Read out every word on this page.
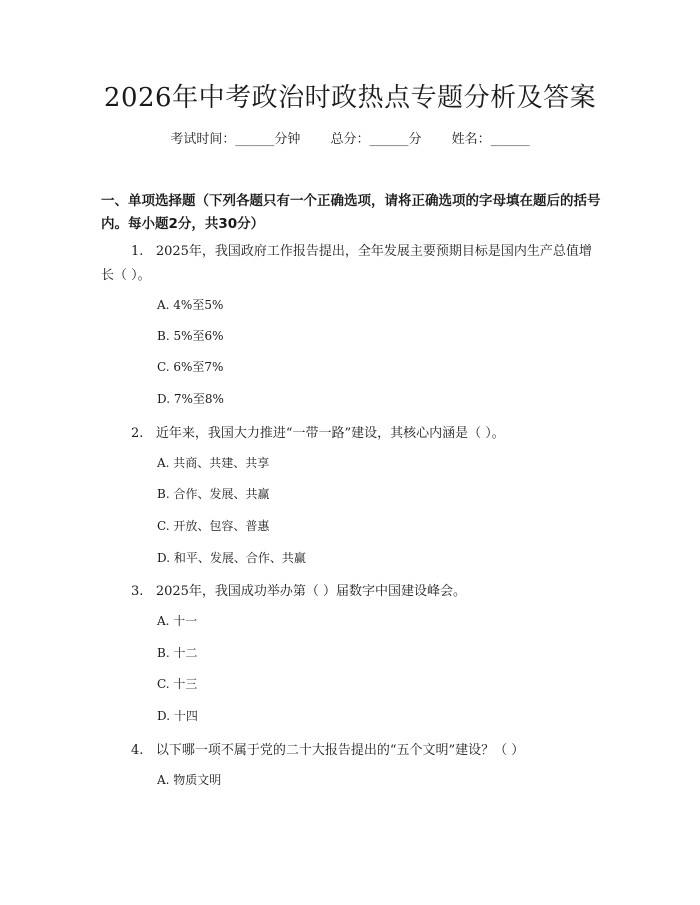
2026年中考政治时政热点专题分析及答案
考试时间：______分钟 总分：______分 姓名：______
一、单项选择题（下列各题只有一个正确选项，请将正确选项的字母填在题后的括号内。每小题2分，共30分）
1. 2025年，我国政府工作报告提出，全年发展主要预期目标是国内生产总值增长（ ）。
A. 4%至5%
B. 5%至6%
C. 6%至7%
D. 7%至8%
2. 近年来，我国大力推进“一带一路”建设，其核心内涵是（ ）。
A. 共商、共建、共享
B. 合作、发展、共赢
C. 开放、包容、普惠
D. 和平、发展、合作、共赢
3. 2025年，我国成功举办第（ ）届数字中国建设峰会。
A. 十一
B. 十二
C. 十三
D. 十四
4. 以下哪一项不属于党的二十大报告提出的“五个文明”建设？（ ）
A. 物质文明
